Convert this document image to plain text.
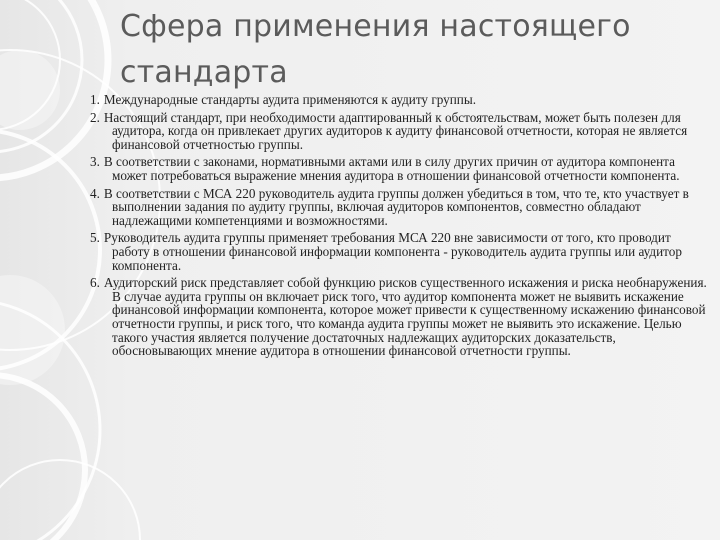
Сфера применения настоящего стандарта
1. Международные стандарты аудита применяются к аудиту группы.
2. Настоящий стандарт, при необходимости адаптированный к обстоятельствам, может быть полезен для аудитора, когда он привлекает других аудиторов к аудиту финансовой отчетности, которая не является финансовой отчетностью группы.
3. В соответствии с законами, нормативными актами или в силу других причин от аудитора компонента может потребоваться выражение мнения аудитора в отношении финансовой отчетности компонента.
4. В соответствии с МСА 220 руководитель аудита группы должен убедиться в том, что те, кто участвует в выполнении задания по аудиту группы, включая аудиторов компонентов, совместно обладают надлежащими компетенциями и возможностями.
5. Руководитель аудита группы применяет требования МСА 220 вне зависимости от того, кто проводит работу в отношении финансовой информации компонента - руководитель аудита группы или аудитор компонента.
6. Аудиторский риск представляет собой функцию рисков существенного искажения и риска необнаружения. В случае аудита группы он включает риск того, что аудитор компонента может не выявить искажение финансовой информации компонента, которое может привести к существенному искажению финансовой отчетности группы, и риск того, что команда аудита группы может не выявить это искажение. Целью такого участия является получение достаточных надлежащих аудиторских доказательств, обосновывающих мнение аудитора в отношении финансовой отчетности группы.
